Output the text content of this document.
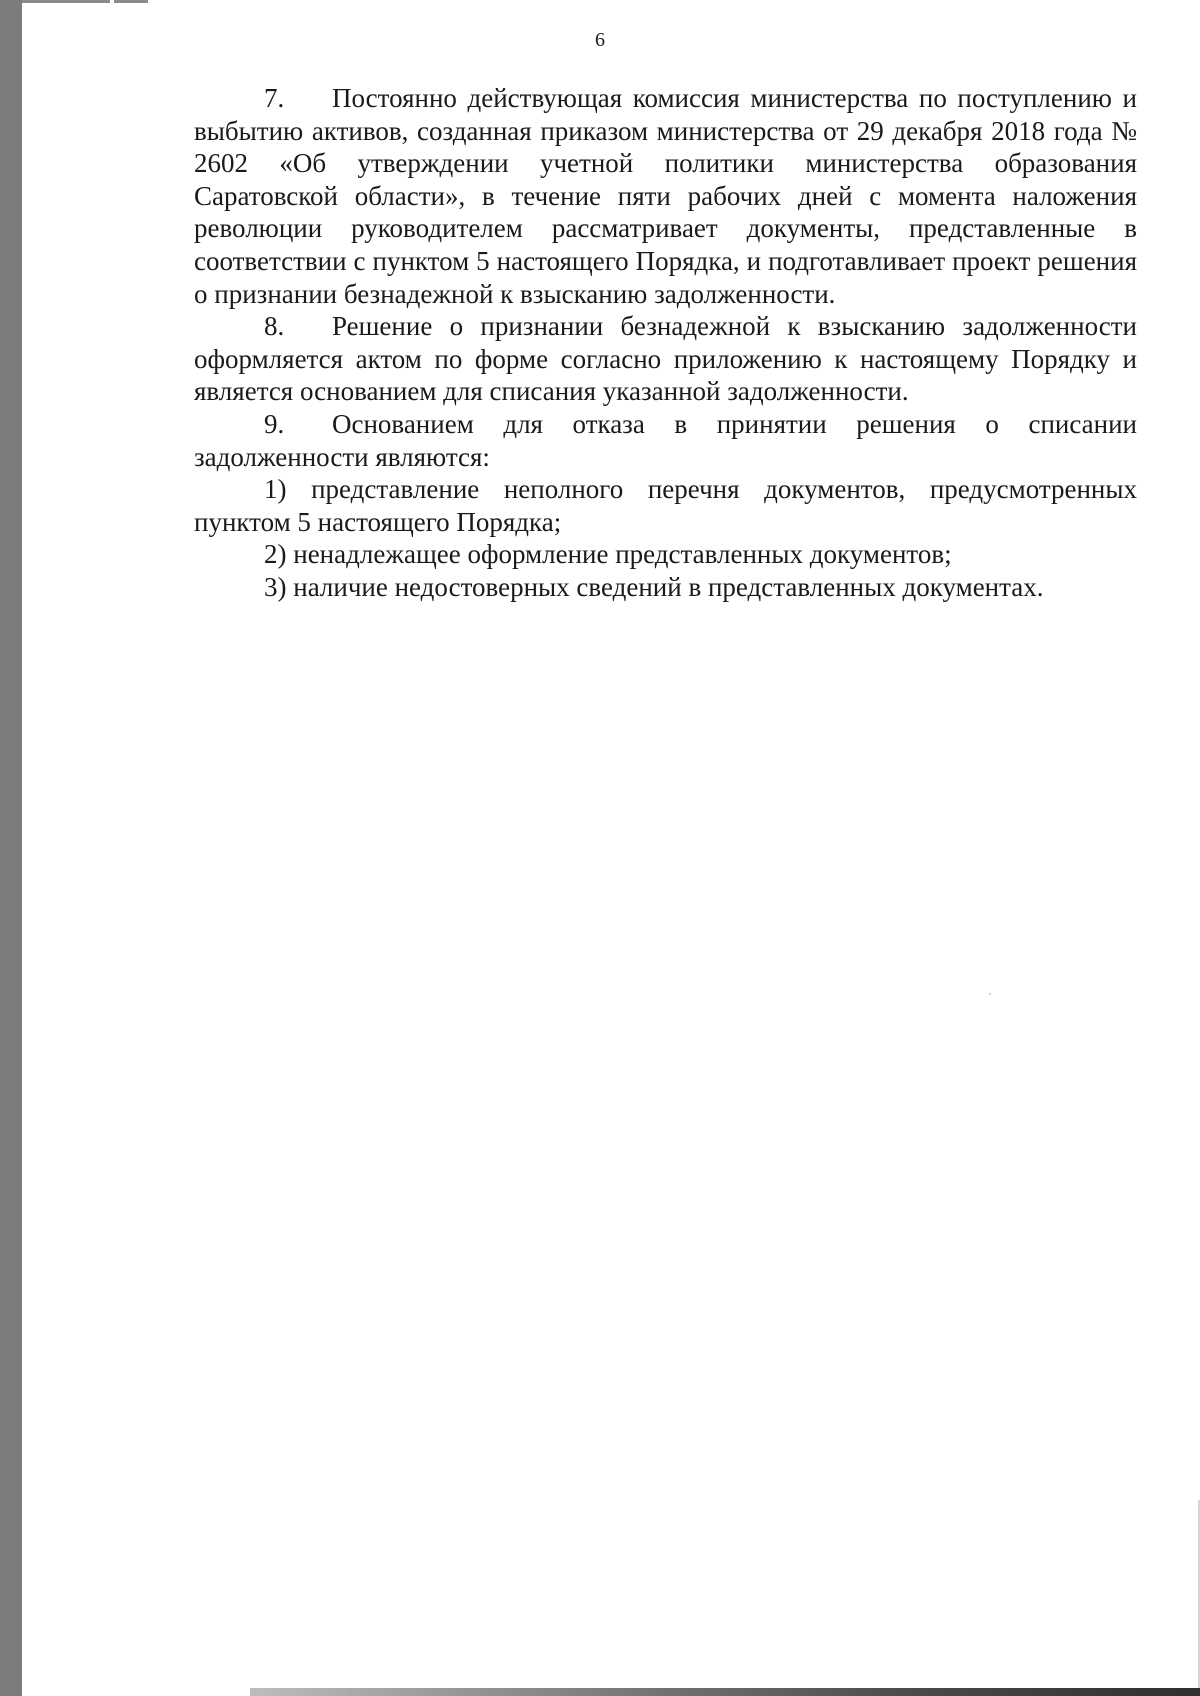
6

7. Постоянно действующая комиссия министерства по поступлению и выбытию активов, созданная приказом министерства от 29 декабря 2018 года № 2602 «Об утверждении учетной политики министерства образования Саратовской области», в течение пяти рабочих дней с момента наложения революции руководителем рассматривает документы, представленные в соответствии с пунктом 5 настоящего Порядка, и подготавливает проект решения о признании безнадежной к взысканию задолженности.

8. Решение о признании безнадежной к взысканию задолженности оформляется актом по форме согласно приложению к настоящему Порядку и является основанием для списания указанной задолженности.

9. Основанием для отказа в принятии решения о списании задолженности являются:

1) представление неполного перечня документов, предусмотренных пунктом 5 настоящего Порядка;

2) ненадлежащее оформление представленных документов;

3) наличие недостоверных сведений в представленных документах.
